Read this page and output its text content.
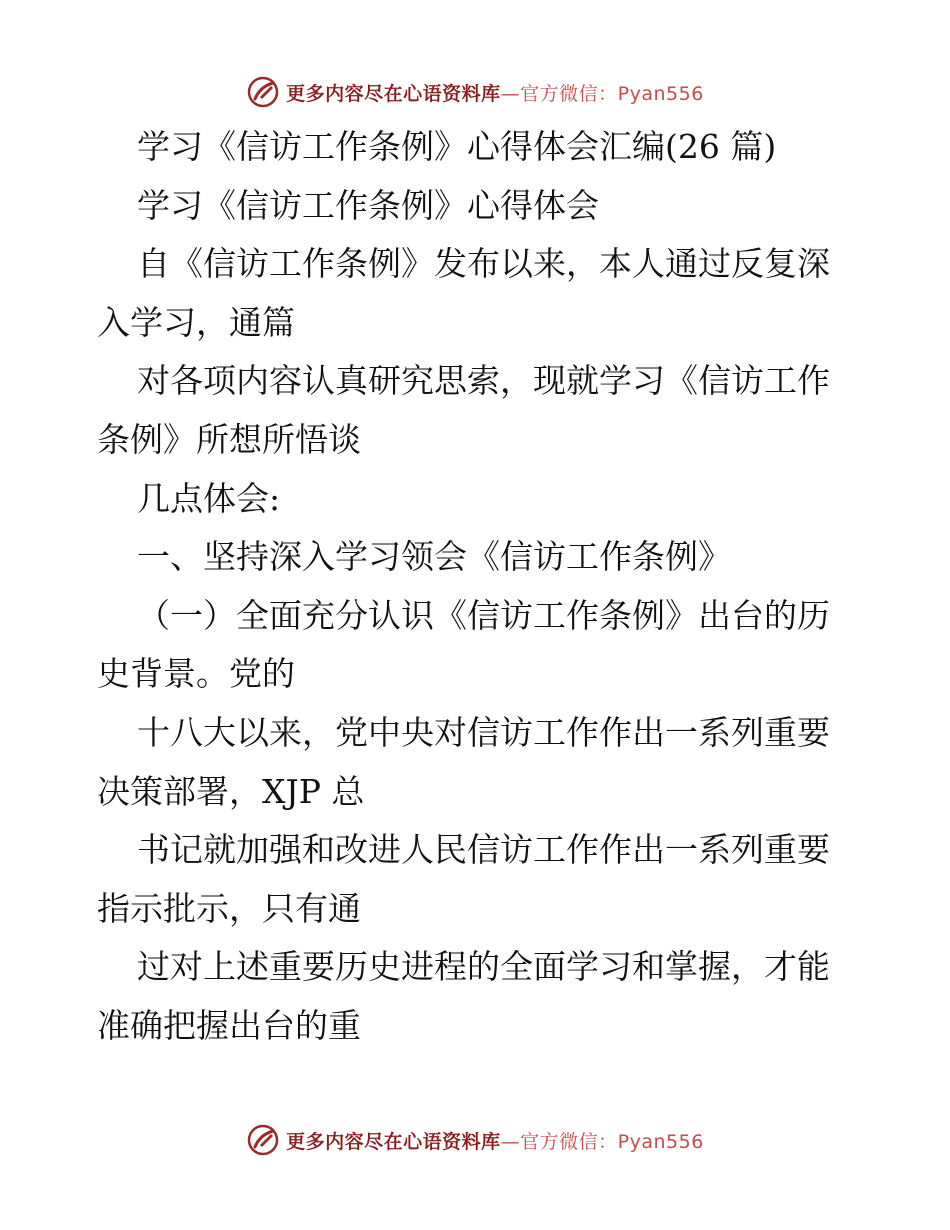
更多内容尽在心语资料库—官方微信：Pyan556
学习《信访工作条例》心得体会汇编(26 篇)
学习《信访工作条例》心得体会
自《信访工作条例》发布以来，本人通过反复深
入学习，通篇
对各项内容认真研究思索，现就学习《信访工作
条例》所想所悟谈
几点体会:
一、坚持深入学习领会《信访工作条例》
（一）全面充分认识《信访工作条例》出台的历
史背景。党的
十八大以来，党中央对信访工作作出一系列重要
决策部署，XJP 总
书记就加强和改进人民信访工作作出一系列重要
指示批示，只有通
过对上述重要历史进程的全面学习和掌握，才能
准确把握出台的重
更多内容尽在心语资料库—官方微信：Pyan556
